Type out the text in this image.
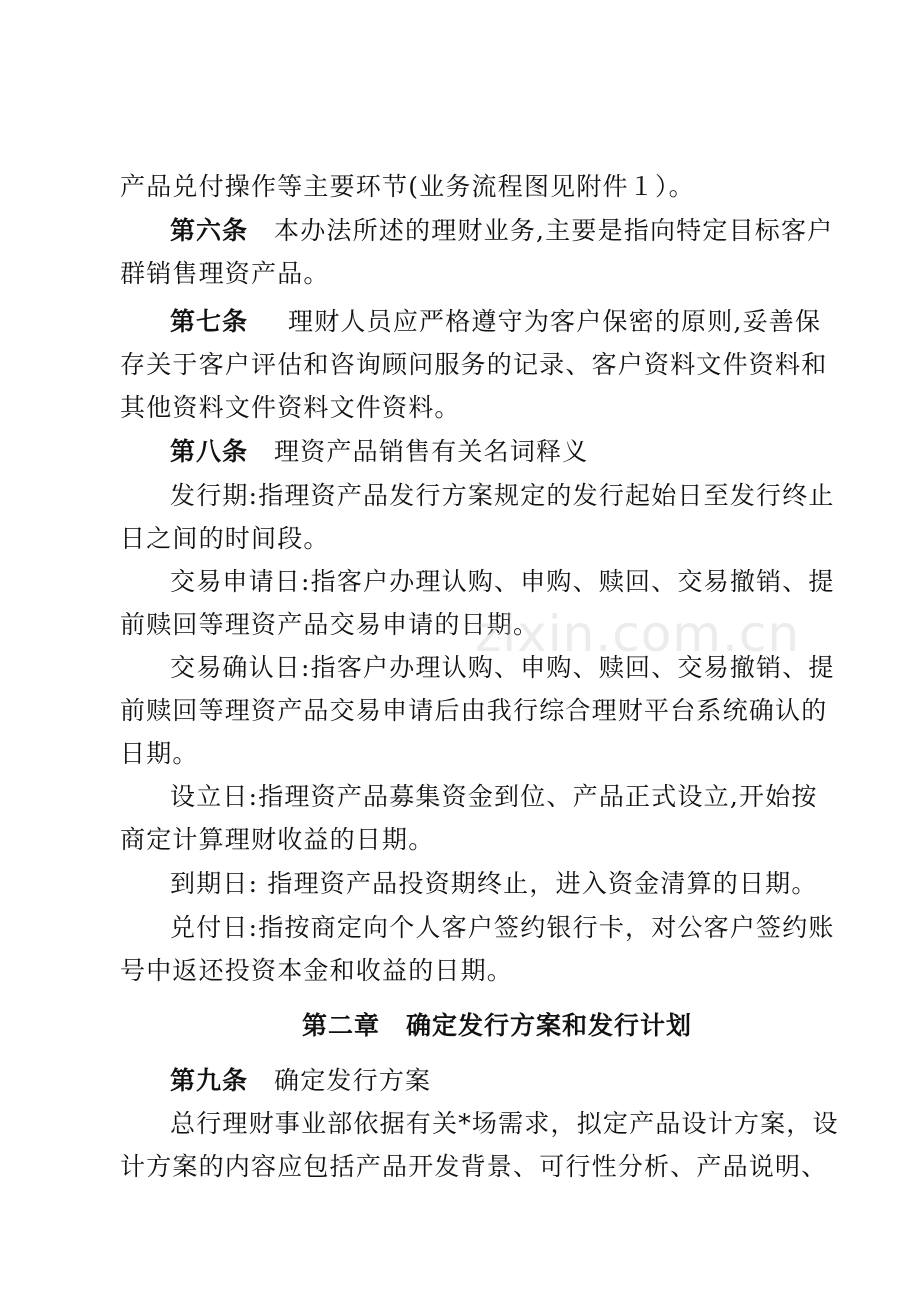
产品兑付操作等主要环节(业务流程图见附件１）。
第六条 本办法所述的理财业务,主要是指向特定目标客户
群销售理资产品。
第七条 理财人员应严格遵守为客户保密的原则,妥善保
存关于客户评估和咨询顾问服务的记录、客户资料文件资料和
其他资料文件资料文件资料。
第八条 理资产品销售有关名词释义
发行期:指理资产品发行方案规定的发行起始日至发行终止
日之间的时间段。
交易申请日:指客户办理认购、申购、赎回、交易撤销、提
前赎回等理资产品交易申请的日期。
交易确认日:指客户办理认购、申购、赎回、交易撤销、提
前赎回等理资产品交易申请后由我行综合理财平台系统确认的
日期。
设立日:指理资产品募集资金到位、产品正式设立,开始按
商定计算理财收益的日期。
到期日: 指理资产品投资期终止，进入资金清算的日期。
兑付日:指按商定向个人客户签约银行卡，对公客户签约账
号中返还投资本金和收益的日期。
第二章　确定发行方案和发行计划
第九条 确定发行方案
总行理财事业部依据有关*场需求，拟定产品设计方案，设
计方案的内容应包括产品开发背景、可行性分析、产品说明、
zixin.com.cn
